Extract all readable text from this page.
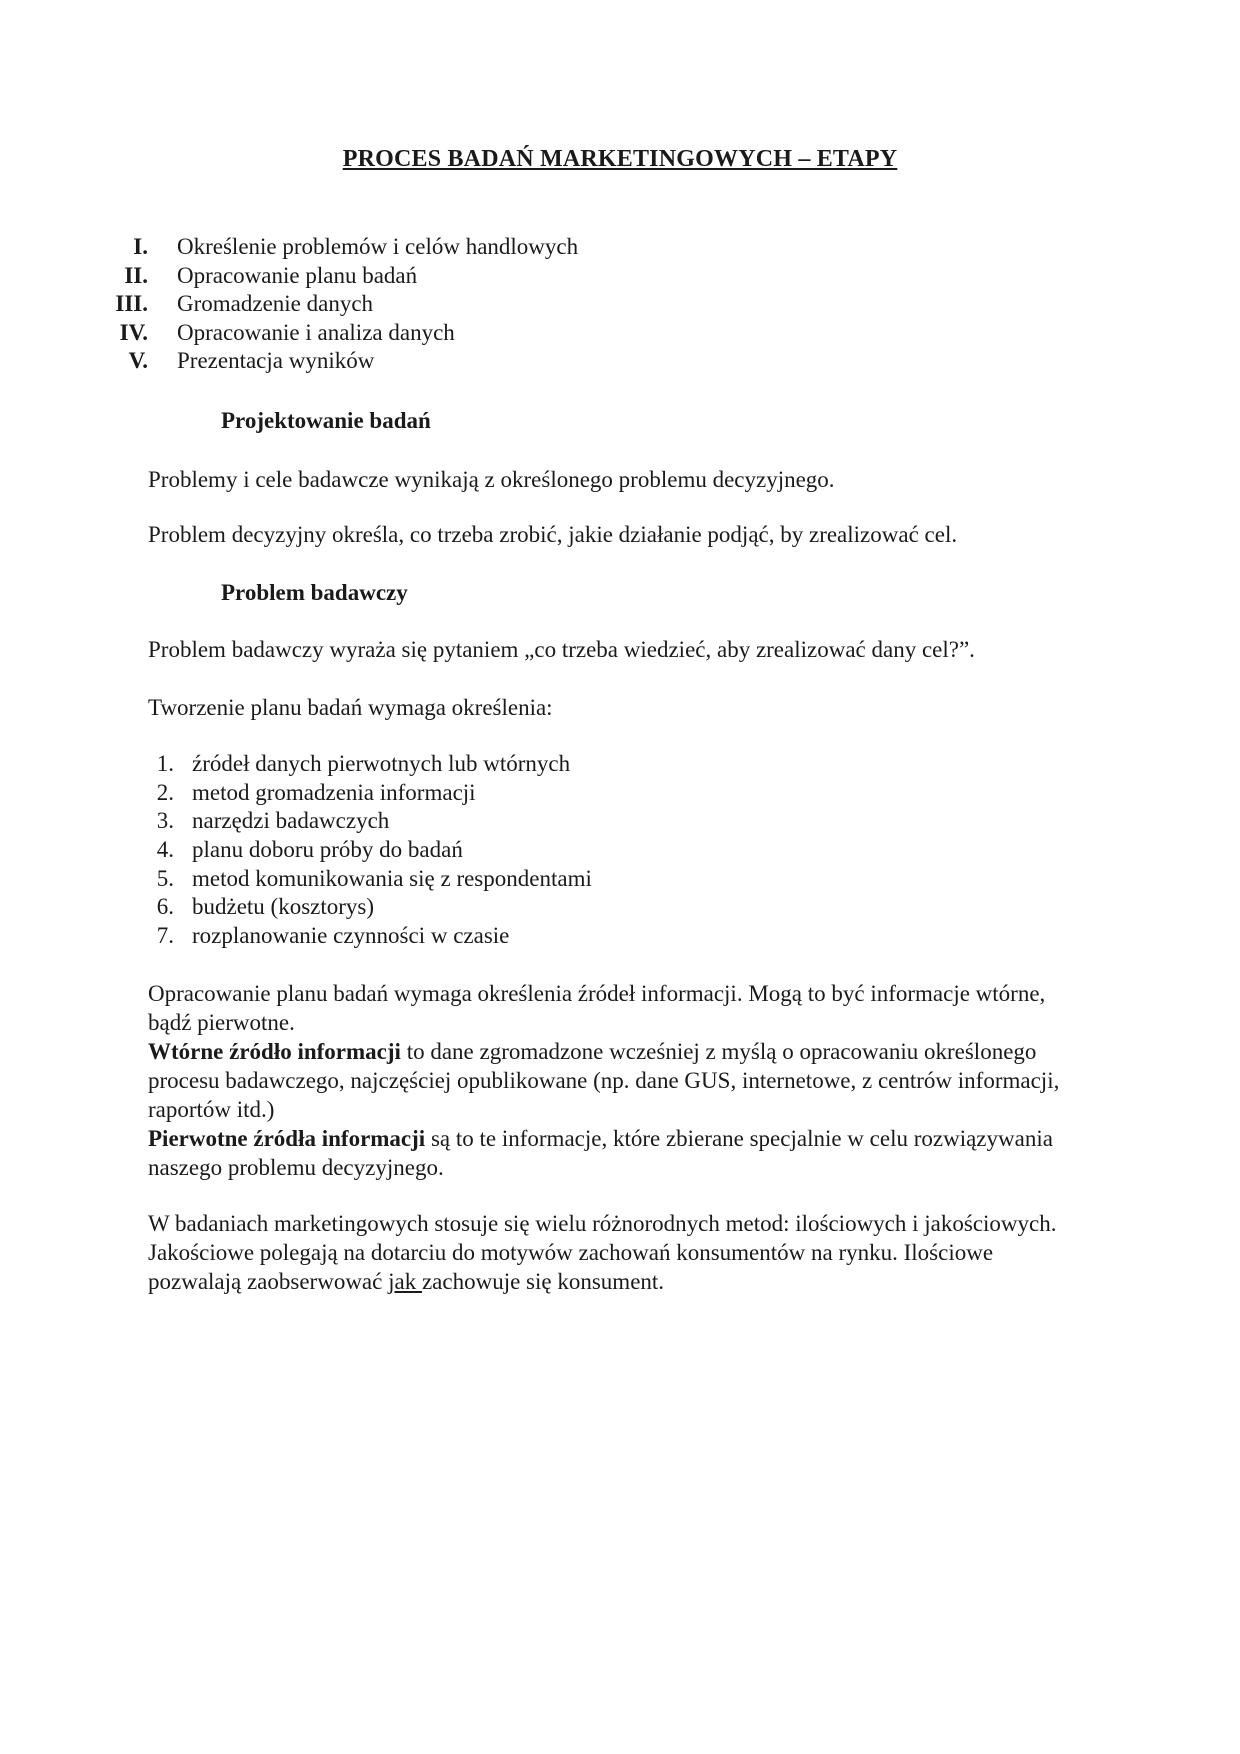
PROCES BADAŃ MARKETINGOWYCH – ETAPY
I. Określenie problemów i celów handlowych
II. Opracowanie planu badań
III. Gromadzenie danych
IV. Opracowanie i analiza danych
V. Prezentacja wyników
Projektowanie badań

Problemy i cele badawcze wynikają z określonego problemu decyzyjnego.

Problem decyzyjny określa, co trzeba zrobić, jakie działanie podjąć, by zrealizować cel.

Problem badawczy

Problem badawczy wyraża się pytaniem „co trzeba wiedzieć, aby zrealizować dany cel?”.

Tworzenie planu badań wymaga określenia:

1. źródeł danych pierwotnych lub wtórnych
2. metod gromadzenia informacji
3. narzędzi badawczych
4. planu doboru próby do badań
5. metod komunikowania się z respondentami
6. budżetu (kosztorys)
7. rozplanowanie czynności w czasie
Opracowanie planu badań wymaga określenia źródeł informacji. Mogą to być informacje wtórne, bądź pierwotne.
Wtórne źródło informacji to dane zgromadzone wcześniej z myślą o opracowaniu określonego procesu badawczego, najczęściej opublikowane (np. dane GUS, internetowe, z centrów informacji, raportów itd.)
Pierwotne źródła informacji są to te informacje, które zbierane specjalnie w celu rozwiązywania naszego problemu decyzyjnego.

W badaniach marketingowych stosuje się wielu różnorodnych metod: ilościowych i jakościowych. Jakościowe polegają na dotarciu do motywów zachowań konsumentów na rynku. Ilościowe pozwalają zaobserwować jak zachowuje się konsument.
